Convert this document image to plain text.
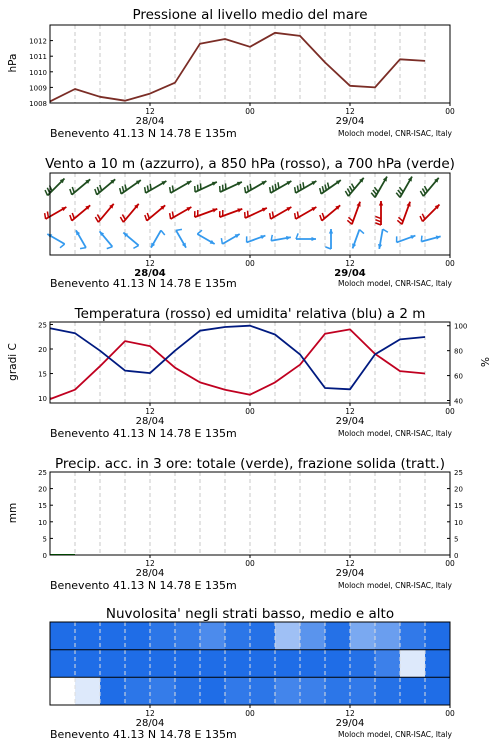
Pressione al livello medio del mare
hPa
1008
1009
1010
1011
1012
12	00	12	00
28/04	29/04
Vento a 10 m (azzurro), a 850 hPa (rosso), a 700 hPa (verde)
12	00	12	00
28/04	29/04
Temperatura (rosso) ed umidita' relativa (blu) a 2 m
gradi C	%
10
15
20
25
40
60
80
100
12	00	12	00
28/04	29/04
Precip. acc. in 3 ore: totale (verde), frazione solida (tratt.)
mm
0
5
10
15
20
25
0
5
10
15
20
25
12	00	12	00
28/04	29/04
Nuvolosita' negli strati basso, medio e alto
12	00	12	00
28/04	29/04
Benevento 41.13 N 14.78 E 135m	Moloch model, CNR-ISAC, Italy
Benevento 41.13 N 14.78 E 135m	Moloch model, CNR-ISAC, Italy
Benevento 41.13 N 14.78 E 135m	Moloch model, CNR-ISAC, Italy
Benevento 41.13 N 14.78 E 135m	Moloch model, CNR-ISAC, Italy
Benevento 41.13 N 14.78 E 135m	Moloch model, CNR-ISAC, Italy
